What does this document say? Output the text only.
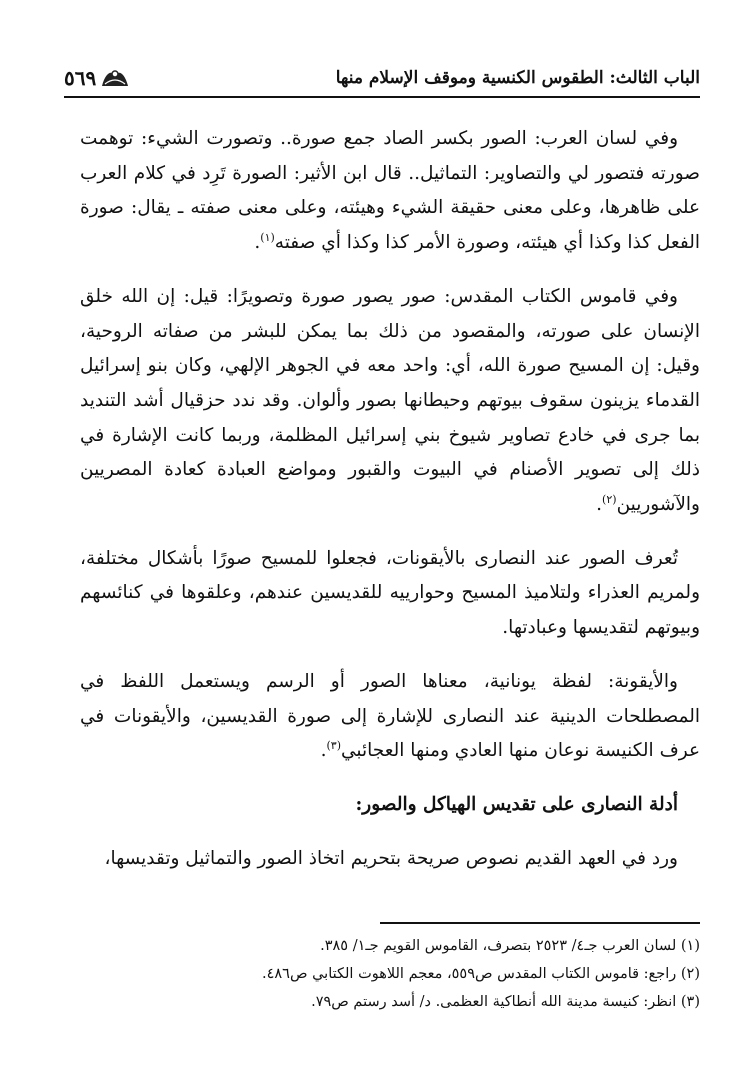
الباب الثالث: الطقوس الكنسية وموقف الإسلام منها
٥٦٩

وفي لسان العرب: الصور بكسر الصاد جمع صورة.. وتصورت الشيء: توهمت صورته فتصور لي والتصاوير: التماثيل.. قال ابن الأثير: الصورة تَرِد في كلام العرب على ظاهرها، وعلى معنى حقيقة الشيء وهيئته، وعلى معنى صفته ـ يقال: صورة الفعل كذا وكذا أي هيئته، وصورة الأمر كذا وكذا أي صفته$^{(١)}$.

وفي قاموس الكتاب المقدس: صور يصور صورة وتصويرًا: قيل: إن الله خلق الإنسان على صورته، والمقصود من ذلك بما يمكن للبشر من صفاته الروحية، وقيل: إن المسيح صورة الله، أي: واحد معه في الجوهر الإلهي، وكان بنو إسرائيل القدماء يزينون سقوف بيوتهم وحيطانها بصور وألوان. وقد ندد حزقيال أشد التنديد بما جرى في خادع تصاوير شيوخ بني إسرائيل المظلمة، وربما كانت الإشارة في ذلك إلى تصوير الأصنام في البيوت والقبور ومواضع العبادة كعادة المصريين والآشوريين$^{(٢)}$.

تُعرف الصور عند النصارى بالأيقونات، فجعلوا للمسيح صورًا بأشكال مختلفة، ولمريم العذراء ولتلاميذ المسيح وحوارييه للقديسين عندهم، وعلقوها في كنائسهم وبيوتهم لتقديسها وعبادتها.

والأيقونة: لفظة يونانية، معناها الصور أو الرسم ويستعمل اللفظ في المصطلحات الدينية عند النصارى للإشارة إلى صورة القديسين، والأيقونات في عرف الكنيسة نوعان منها العادي ومنها العجائبي$^{(٣)}$.

أدلة النصارى على تقديس الهياكل والصور:

ورد في العهد القديم نصوص صريحة بتحريم اتخاذ الصور والتماثيل وتقديسها،

(١) لسان العرب جـ٤/ ٢٥٢٣ بتصرف، القاموس القويم جـ١/ ٣٨٥.

(٢) راجع: قاموس الكتاب المقدس ص٥٥٩، معجم اللاهوت الكتابي ص٤٨٦.

(٣) انظر: كنيسة مدينة الله أنطاكية العظمى. د/ أسد رستم ص٧٩.
